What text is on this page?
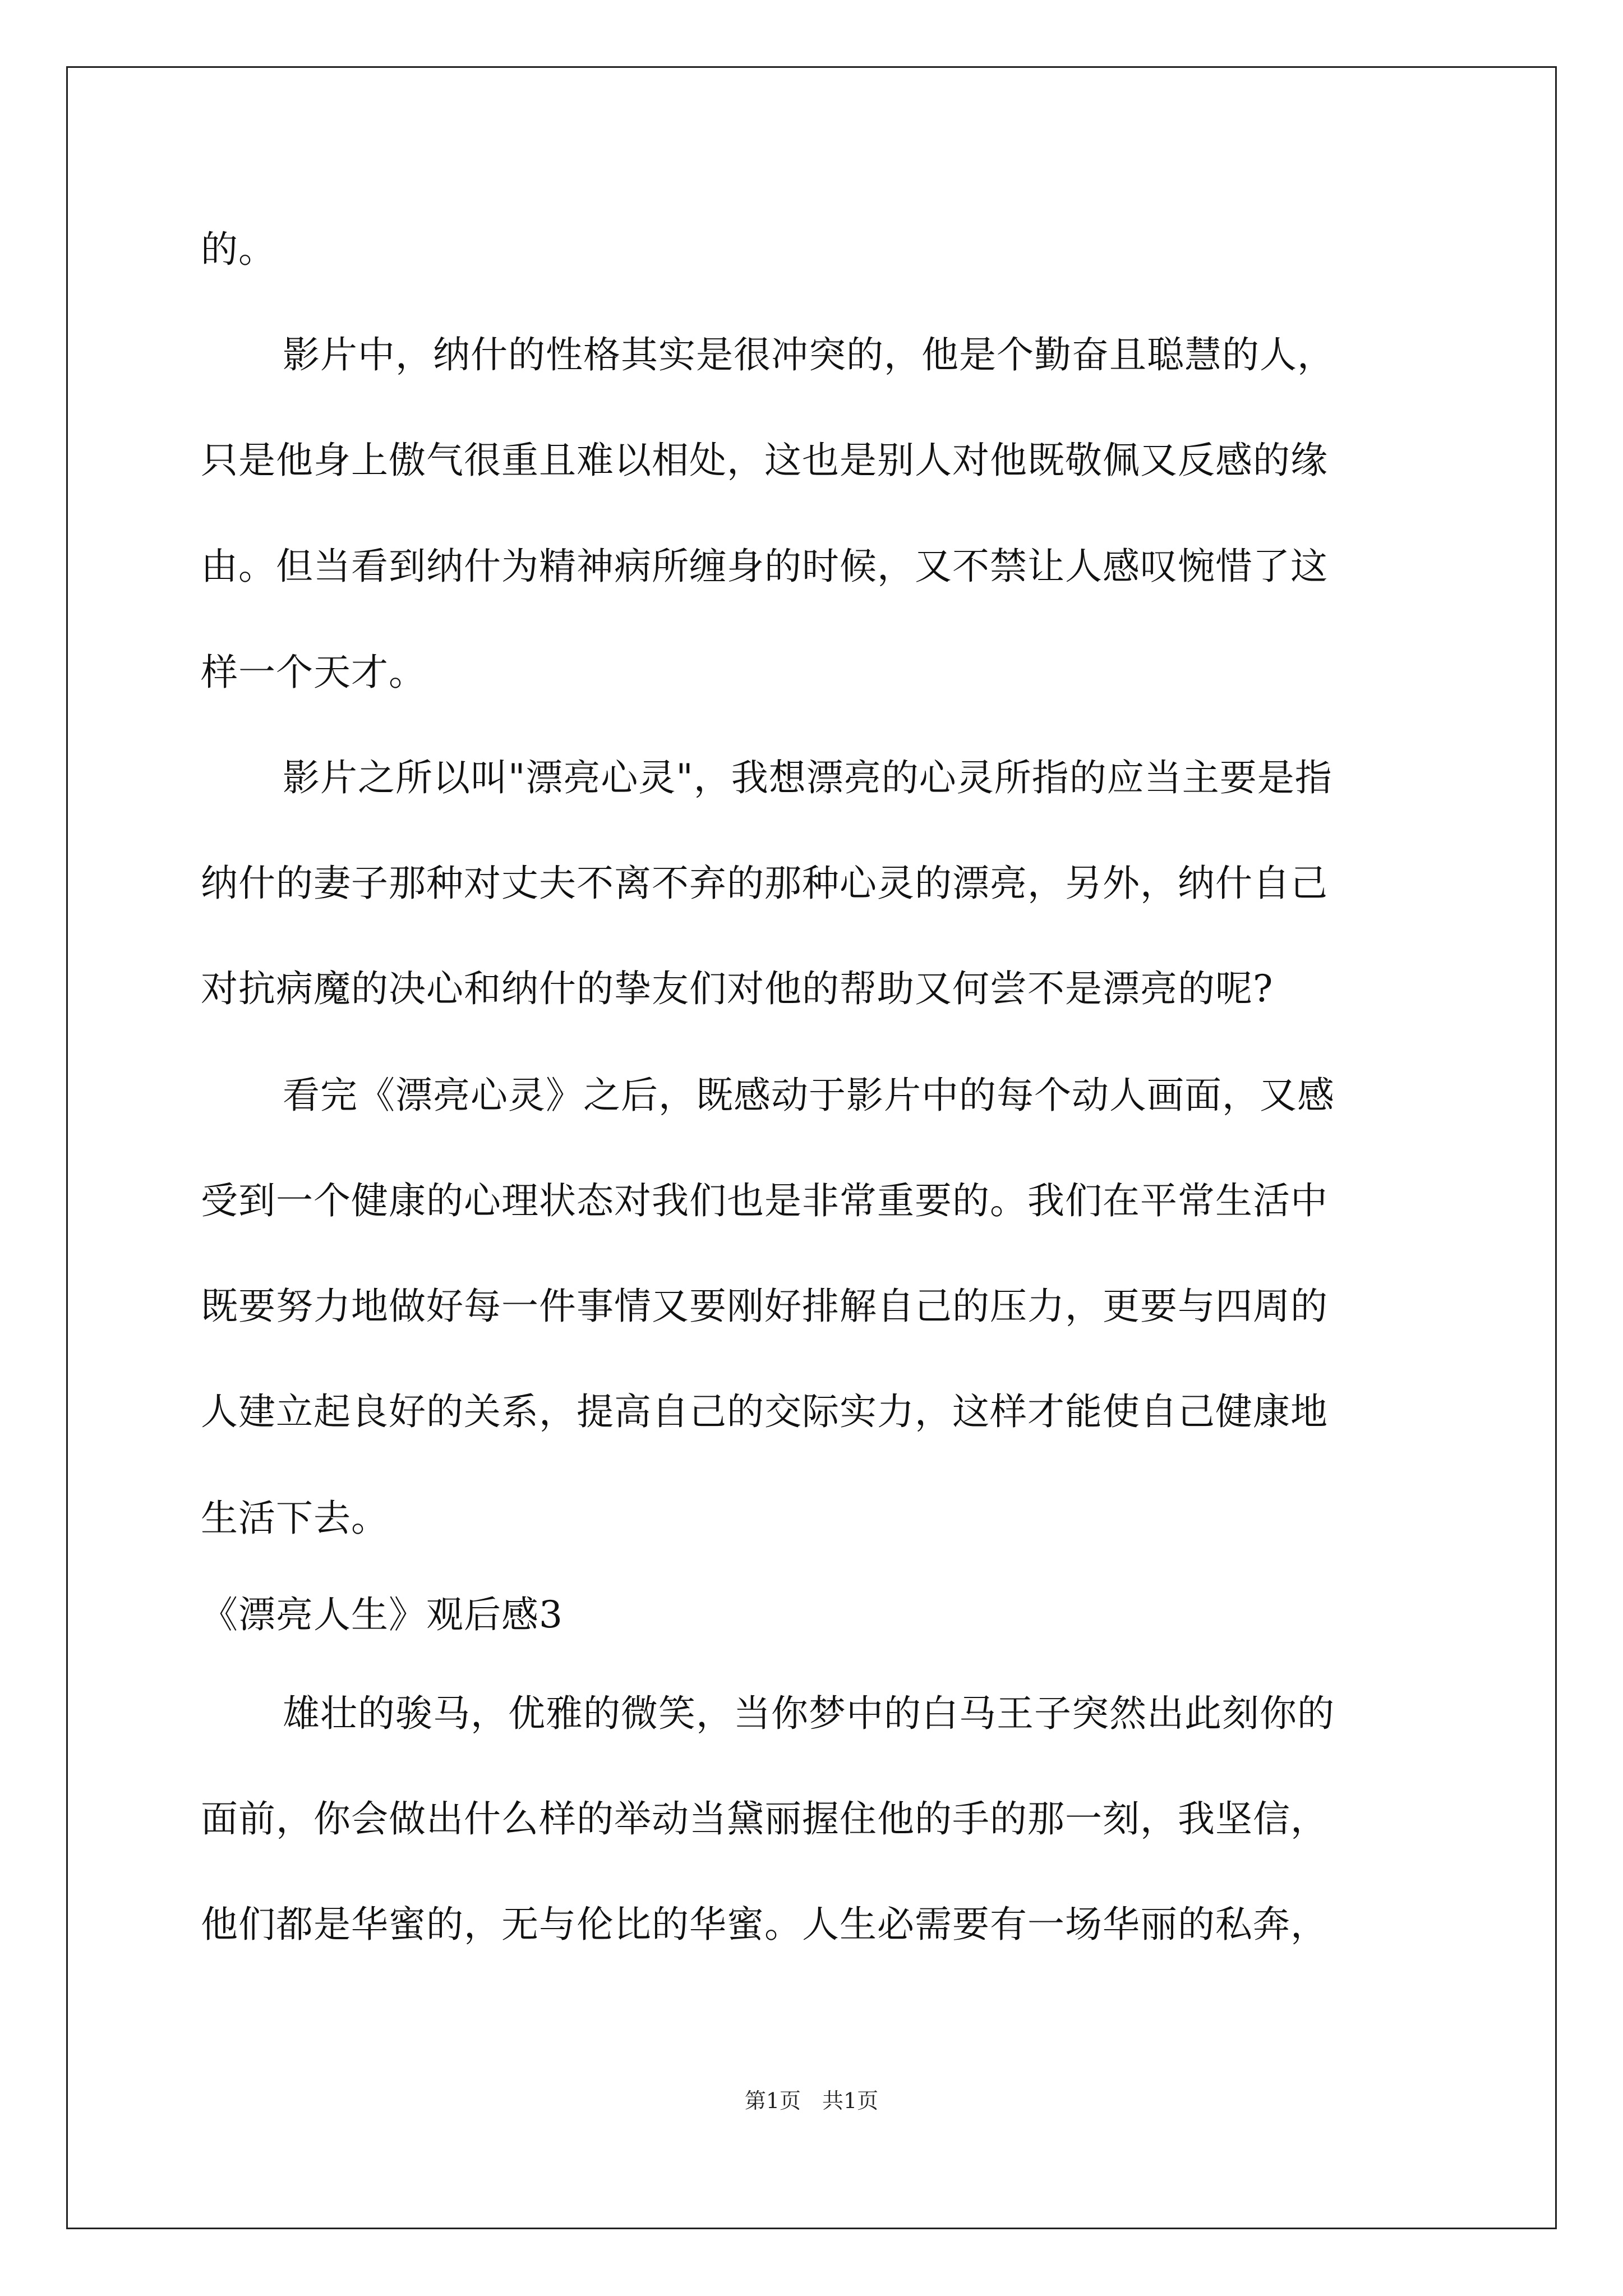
的。
影片中，纳什的性格其实是很冲突的，他是个勤奋且聪慧的人，
只是他身上傲气很重且难以相处，这也是别人对他既敬佩又反感的缘
由。但当看到纳什为精神病所缠身的时候，又不禁让人感叹惋惜了这
样一个天才。
影片之所以叫"漂亮心灵"，我想漂亮的心灵所指的应当主要是指
纳什的妻子那种对丈夫不离不弃的那种心灵的漂亮，另外，纳什自己
对抗病魔的决心和纳什的挚友们对他的帮助又何尝不是漂亮的呢?
看完《漂亮心灵》之后，既感动于影片中的每个动人画面，又感
受到一个健康的心理状态对我们也是非常重要的。我们在平常生活中
既要努力地做好每一件事情又要刚好排解自己的压力，更要与四周的
人建立起良好的关系，提高自己的交际实力，这样才能使自己健康地
生活下去。
《漂亮人生》观后感3
雄壮的骏马，优雅的微笑，当你梦中的白马王子突然出此刻你的
面前，你会做出什么样的举动当黛丽握住他的手的那一刻，我坚信，
他们都是华蜜的，无与伦比的华蜜。人生必需要有一场华丽的私奔，
第1页　共1页
